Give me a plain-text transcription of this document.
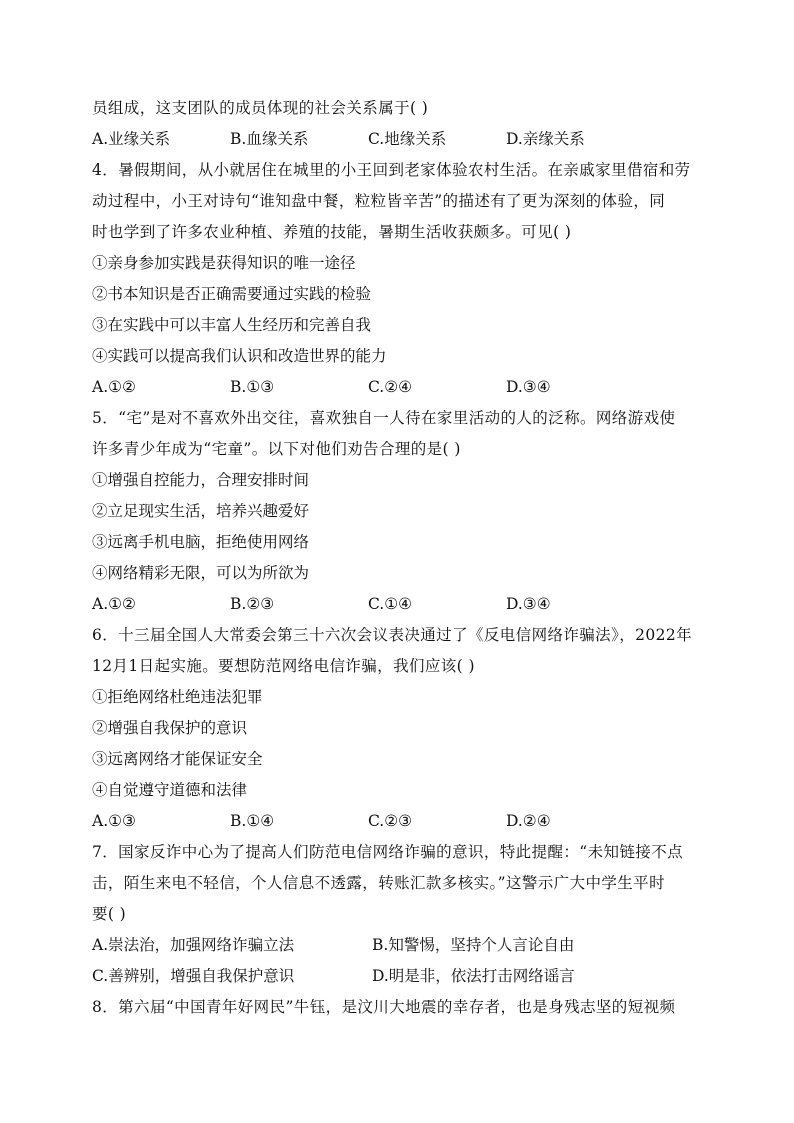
员组成，这支团队的成员体现的社会关系属于( )
A.业缘关系	B.血缘关系	C.地缘关系	D.亲缘关系
4．暑假期间，从小就居住在城里的小王回到老家体验农村生活。在亲戚家里借宿和劳
动过程中，小王对诗句“谁知盘中餐，粒粒皆辛苦”的描述有了更为深刻的体验，同
时也学到了许多农业种植、养殖的技能，暑期生活收获颇多。可见( )
①亲身参加实践是获得知识的唯一途径
②书本知识是否正确需要通过实践的检验
③在实践中可以丰富人生经历和完善自我
④实践可以提高我们认识和改造世界的能力
A.①②	B.①③	C.②④	D.③④
5．“宅”是对不喜欢外出交往，喜欢独自一人待在家里活动的人的泛称。网络游戏使
许多青少年成为“宅童”。以下对他们劝告合理的是( )
①增强自控能力，合理安排时间
②立足现实生活，培养兴趣爱好
③远离手机电脑，拒绝使用网络
④网络精彩无限，可以为所欲为
A.①②	B.②③	C.①④	D.③④
6．十三届全国人大常委会第三十六次会议表决通过了《反电信网络诈骗法》，2022年
12月1日起实施。要想防范网络电信诈骗，我们应该( )
①拒绝网络杜绝违法犯罪
②增强自我保护的意识
③远离网络才能保证安全
④自觉遵守道德和法律
A.①③	B.①④	C.②③	D.②④
7．国家反诈中心为了提高人们防范电信网络诈骗的意识，特此提醒：“未知链接不点
击，陌生来电不轻信，个人信息不透露，转账汇款多核实。”这警示广大中学生平时
要( )
A.崇法治，加强网络诈骗立法	B.知警惕，坚持个人言论自由
C.善辨别，增强自我保护意识	D.明是非，依法打击网络谣言
8．第六届“中国青年好网民”牛钰，是汶川大地震的幸存者，也是身残志坚的短视频
